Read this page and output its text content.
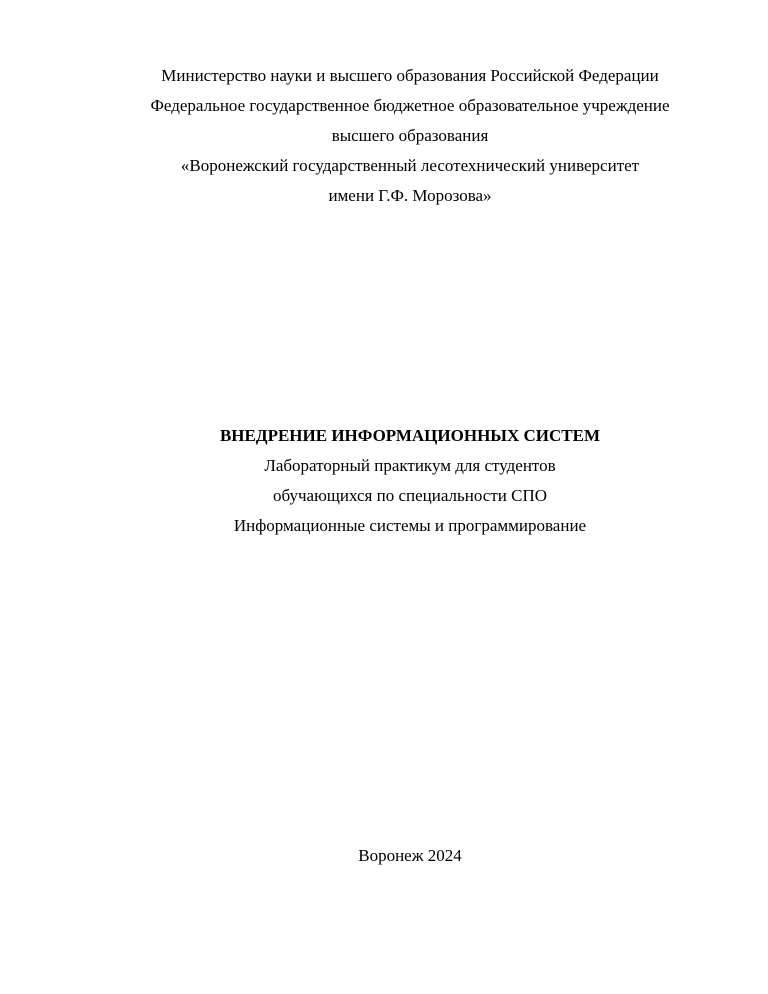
Министерство науки и высшего образования Российской Федерации
Федеральное государственное бюджетное образовательное учреждение
высшего образования
«Воронежский государственный лесотехнический университет
имени Г.Ф. Морозова»
ВНЕДРЕНИЕ ИНФОРМАЦИОННЫХ СИСТЕМ
Лабораторный практикум для студентов
обучающихся по специальности СПО
Информационные системы и программирование
Воронеж 2024
